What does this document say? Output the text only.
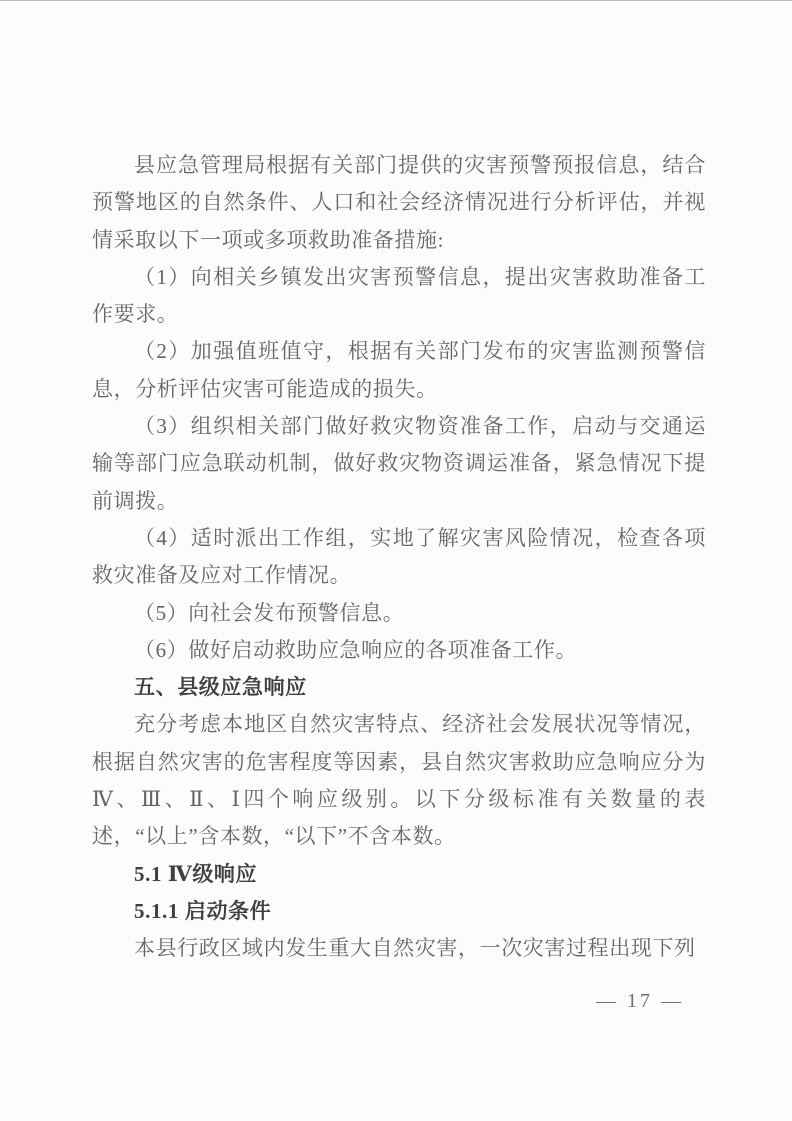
县应急管理局根据有关部门提供的灾害预警预报信息，结合预警地区的自然条件、人口和社会经济情况进行分析评估，并视情采取以下一项或多项救助准备措施:

（1）向相关乡镇发出灾害预警信息，提出灾害救助准备工作要求。

（2）加强值班值守，根据有关部门发布的灾害监测预警信息，分析评估灾害可能造成的损失。

（3）组织相关部门做好救灾物资准备工作，启动与交通运输等部门应急联动机制，做好救灾物资调运准备，紧急情况下提前调拨。

（4）适时派出工作组，实地了解灾害风险情况，检查各项救灾准备及应对工作情况。

（5）向社会发布预警信息。

（6）做好启动救助应急响应的各项准备工作。

五、县级应急响应

充分考虑本地区自然灾害特点、经济社会发展状况等情况，根据自然灾害的危害程度等因素，县自然灾害救助应急响应分为Ⅳ、Ⅲ、Ⅱ、Ⅰ四个响应级别。以下分级标准有关数量的表述，“以上”含本数，“以下”不含本数。

5.1 Ⅳ级响应

5.1.1 启动条件

本县行政区域内发生重大自然灾害，一次灾害过程出现下列

— 17 —
